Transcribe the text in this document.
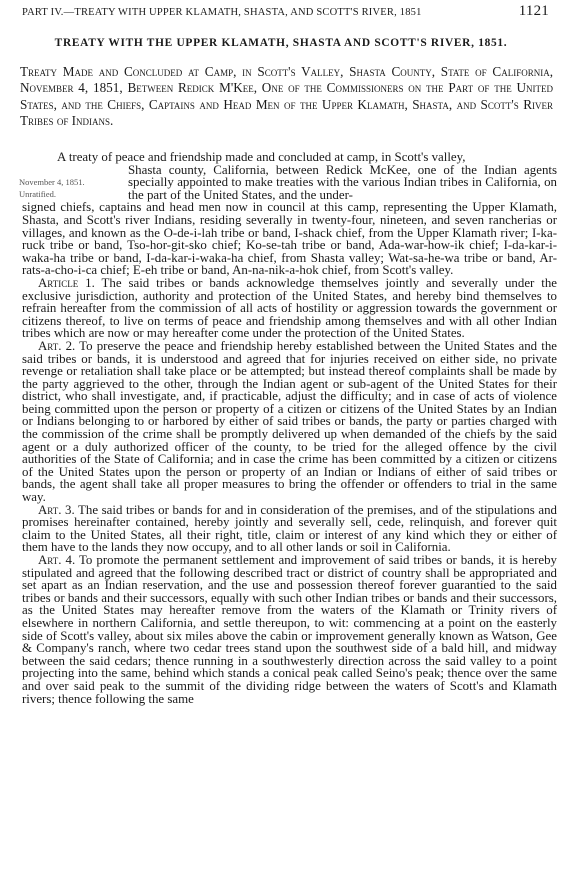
PART IV.—TREATY WITH UPPER KLAMATH, SHASTA, AND SCOTT'S RIVER, 1851	1121
TREATY WITH THE UPPER KLAMATH, SHASTA AND SCOTT'S RIVER, 1851.

Treaty Made and Concluded at Camp, in Scott's Valley, Shasta County, State of California, November 4, 1851, Between Redick M'Kee, One of the Commissioners on the Part of the United States, and the Chiefs, Captains and Head Men of the Upper Klamath, Shasta, and Scott's River Tribes of Indians.

November 4, 1851.
Unratified.

A treaty of peace and friendship made and concluded at camp, in Scott's valley,
Shasta county, California, between Redick McKee, one of the Indian agents specially appointed to make treaties with the various Indian tribes in California, on the part of the United States, and the under-
signed chiefs, captains and head men now in council at this camp, representing the Upper Klamath, Shasta, and Scott's river Indians, residing severally in twenty-four, nineteen, and seven rancherias or villages, and known as the O-de-i-lah tribe or band, I-shack chief, from the Upper Klamath river; I-ka-ruck tribe or band, Tso-hor-git-sko chief; Ko-se-tah tribe or band, Ada-war-how-ik chief; I-da-kar-i-waka-ha tribe or band, I-da-kar-i-waka-ha chief, from Shasta valley; Wat-sa-he-wa tribe or band, Ar-rats-a-cho-i-ca chief; E-eh tribe or band, An-na-nik-a-hok chief, from Scott's valley.

Article 1. The said tribes or bands acknowledge themselves jointly and severally under the exclusive jurisdiction, authority and protection of the United States, and hereby bind themselves to refrain hereafter from the commission of all acts of hostility or aggression towards the government or citizens thereof, to live on terms of peace and friendship among themselves and with all other Indian tribes which are now or may hereafter come under the protection of the United States.

Art. 2. To preserve the peace and friendship hereby established between the United States and the said tribes or bands, it is understood and agreed that for injuries received on either side, no private revenge or retaliation shall take place or be attempted; but instead thereof complaints shall be made by the party aggrieved to the other, through the Indian agent or sub-agent of the United States for their district, who shall investigate, and, if practicable, adjust the difficulty; and in case of acts of violence being committed upon the person or property of a citizen or citizens of the United States by an Indian or Indians belonging to or harbored by either of said tribes or bands, the party or parties charged with the commission of the crime shall be promptly delivered up when demanded of the chiefs by the said agent or a duly authorized officer of the county, to be tried for the alleged offence by the civil authorities of the State of California; and in case the crime has been committed by a citizen or citizens of the United States upon the person or property of an Indian or Indians of either of said tribes or bands, the agent shall take all proper measures to bring the offender or offenders to trial in the same way.

Art. 3. The said tribes or bands for and in consideration of the premises, and of the stipulations and promises hereinafter contained, hereby jointly and severally sell, cede, relinquish, and forever quit claim to the United States, all their right, title, claim or interest of any kind which they or either of them have to the lands they now occupy, and to all other lands or soil in California.

Art. 4. To promote the permanent settlement and improvement of said tribes or bands, it is hereby stipulated and agreed that the following described tract or district of country shall be appropriated and set apart as an Indian reservation, and the use and possession thereof forever guarantied to the said tribes or bands and their successors, equally with such other Indian tribes or bands and their successors, as the United States may hereafter remove from the waters of the Klamath or Trinity rivers of elsewhere in northern California, and settle thereupon, to wit: commencing at a point on the easterly side of Scott's valley, about six miles above the cabin or improvement generally known as Watson, Gee & Company's ranch, where two cedar trees stand upon the southwest side of a bald hill, and midway between the said cedars; thence running in a southwesterly direction across the said valley to a point projecting into the same, behind which stands a conical peak called Seino's peak; thence over the same and over said peak to the summit of the dividing ridge between the waters of Scott's and Klamath rivers; thence following the same
